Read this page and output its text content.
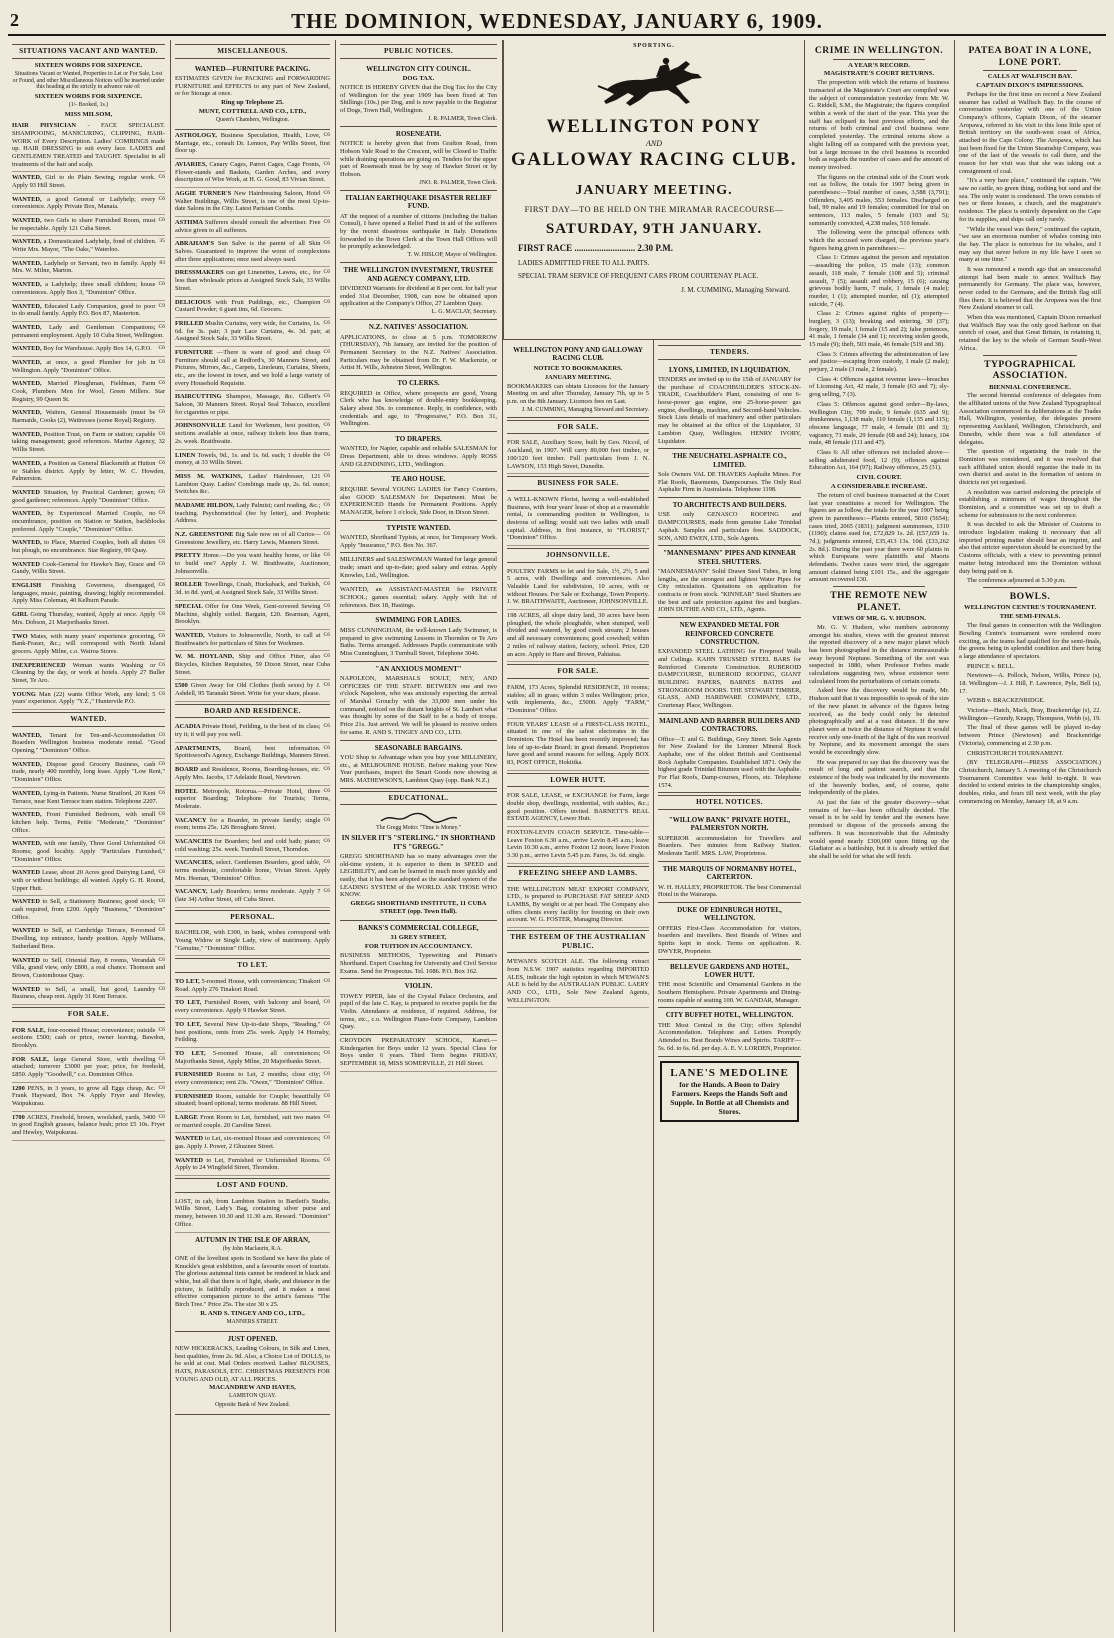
2	THE DOMINION, WEDNESDAY, JANUARY 6, 1909.
SITUATIONS VACANT AND WANTED.
SIXTEEN WORDS FOR SIXPENCE.
Situations Vacant or Wanted, Properties to Let or For Sale, Lost or Found, and other Miscellaneous Notices will be inserted under this heading at the strictly in advance rate of:
SIXTEEN WORDS FOR SIXPENCE.
(1/- Booked, 1s.)
MISS MILSOM,
HAIR PHYSICIAN - FACE SPECIALIST. SHAMPOOING, MANICURING, CLIPPING, HAIR-WORK of Every Description. Ladies' COMBINGS made up. HAIR DRESSING to suit every face. LADIES and GENTLEMEN TREATED and TAUGHT. Specialist in all treatments of the hair and scalp.
C6
WANTED, Girl to do Plain Sewing, regular work. Apply 93 Hill Street.
C6
WANTED, a good General or Ladyhelp; every convenience. Apply Private Box, Manaia.
C6
WANTED, two Girls to share Furnished Room, must be respectable. Apply 121 Cuba Street.
35
WANTED, a Domesticated Ladyhelp, fond of children. Write Mrs. Mayor, "The Oaks," Waterloo.
83
WANTED, Ladyhelp or Servant, two in family. Apply Mrs. W. Milne, Marton.
C6
WANTED, a Ladyhelp; three small children; house conveniences. Apply Box 3, "Dominion" Office.
C9
WANTED, Educated Lady Companion, good to poor to do small family. Apply P.O. Box 87, Masterton.
C6
WANTED, Lady and Gentleman Companions; permanent employment. Apply 10 Cuba Street, Wellington.
C6
WANTED, Boy for Warehouse. Apply Box 14, G.P.O.
C6
WANTED, at once, a good Plumber for job in Wellington. Apply "Dominion" Office.
C6
WANTED, Married Ploughman, Fieldman, Farm Cook, Plumbers Men for Wool, Green Millers. Star Registry, 99 Queen St.
C6
WANTED, Waiters, General Housemaids (must be Barmaids, Cooks (2), Waitresses (some Royal) Registry.
C6
WANTED, Position Trust, on Farm or station; capable taking management; good references. Marine Agency, 32 Willis Street.
C6
WANTED, a Position as General Blacksmith at Hutton or Stables district. Apply by letter, W. C. Howden, Palmerston.
C6
WANTED Situation, by Practical Gardener; grown; good gardener; references. Apply "Dominion" Office.
C6
WANTED, by Experienced Married Couple, no encumbrance, position on Station or Station, backblocks preferred. Apply "Couple," "Dominion" Office.
C6
WANTED, to Place, Married Couples, both all duties but plough, no encumbrance. Star Registry, 99 Quay.
C6
WANTED Cook-General for Hawke's Bay, Grace and Gandy, Willis Street.
C6
ENGLISH Finishing Governess, disengaged, languages, music, painting, drawing; highly recommended. Apply Miss Coleman, 40 Kelburn Parade.
C6
GIRL Going Thursday, wanted, Apply at once. Apply Mrs. Dobson, 21 Marjoribanks Street.
C6
TWO Mates, with many years' experience grocering, Bank-Fraser, &c.; will correspond with North Island grocers. Apply Milne, c.o. Wairoa Stores.
C6
INEXPERIENCED Woman wants Washing or Cleaning by the day, or work at hotels. Apply 27 Buller Street, Te Aro.
C6
YOUNG Man (22) wants Office Work, any kind; 5 years' experience. Apply "Y.Z.," Huntervile P.O.
WANTED.
C6
WANTED, Tenant for Ten-and-Accommodation Boarders Wellington business moderate rental. "Good Opening," "Dominion" Office.
C6
WANTED, Dispose good Grocery Business, cash trade, nearly 400 monthly, long lease. Apply "Low Rent," "Dominion" Office.
C6
WANTED, Lying-in Patients. Nurse Stratford, 20 Kent Terrace, near Kent Terrace tram station. Telephone 2207.
C6
WANTED, Front Furnished Bedroom, with small kitchen help. Terms, Pettie "Moderate," "Dominion" Office.
C6
WANTED, with one family, Three Good Unfurnished Rooms; good locality. Apply "Particulars Furnished," "Dominion" Office.
C6
WANTED Lease, about 20 Acres good Dairying Land, with or without buildings; all wanted. Apply G. H. Round, Upper Hutt.
C6
WANTED to Sell, a Stationery Business; good stock; cash required, from £200. Apply "Business," "Dominion" Office.
C6
WANTED to Sell, at Cambridge Terrace, 8-roomed Dwelling, top entrance, handy position. Apply Williams, Sutherland Bros.
C6
WANTED to Sell, Oriental Bay, 8 rooms, Verandah Villa, grand view, only £800, a real chance. Thomson and Brown, Customhouse Quay.
C6
WANTED to Sell, a small, but good, Laundry Business, cheap rent. Apply 31 Kent Terrace.
FOR SALE.
C6
FOR SALE, four-roomed House; convenience; outside sections £500; cash or price, owner leaving. Bawdon, Brooklyn.
C6
FOR SALE, large General Store, with dwelling attached; turnover £3000 per year; price, for freehold, £850. Apply "Goodwill," c.o. Dominion Office.
C6
1200 PENS, in 3 years, to grow all Eggs cheap, &c. Frank Hayward, Box 74. Apply Fryer and Hewley, Waipukurau.
C6
1700 ACRES, Freehold, brown, woolshed, yards, 3400 in good English grasses, balance bush; price £5 10s. Fryer and Hewley, Waipukurau.
MISCELLANEOUS.
WANTED—FURNITURE PACKING.
ESTIMATES GIVEN for PACKING and FORWARDING FURNITURE and EFFECTS to any part of New Zealand, or for Storage at once.
Ring up Telephone 25.
MUNT, COTTRELL AND CO., LTD.,
Queen's Chambers, Wellington.
C6
ASTROLOGY, Business Speculation, Health, Love, Marriage, etc., consult Dr. Lennox, Pay Willis Street, first floor up.
C6
AVIARIES, Canary Cages, Parrot Cages, Cage Fronts, Flower-stands and Baskets, Garden Arches, and every description of Wire Work, at H. G. Good, 83 Vivian Street.
C6
AGGIE TURNER'S New Hairdressing Saloon, Hotel Walter Buildings, Willis Street, is one of the most Up-to-date Salons in the City. Latest Parisian Combs.
C6
ASTHMA Sufferers should consult the advertiser. Free advice given to all sufferers.
C6
ABRAHAM'S Sun Salve is the parent of all Skin Salves. Guaranteed to improve the worst of complexions after three applications; once used always used.
C6
DRESSMAKERS can get Linenettes, Lawns, etc., for less than wholesale prices at Assigned Stock Sale, 33 Willis Street.
C6
DELICIOUS with Fruit Puddings, etc., Champion Custard Powder; 6 giant tins, 6d. Grocers.
C6
FRILLED Muslin Curtains, very wide, for Curtains, 1s. 6d. for 3s. pair; 3 pair Lace Curtains, 4s. 3d. pair, at Assigned Stock Sale, 33 Willis Street.
C6
FURNITURE —There is want of good and cheap Furniture should call at Redford's, 30 Manners Street, and Pictures, Mirrors, &c., Carpets, Linoleum, Curtains, Sheets, etc., are the lowest in town, and we hold a large variety of every Household Requisite.
C6
HAIRCUTTING Shampoo, Massage, &c. Gilbert's Saloon, 30 Manners Street. Royal Seal Tobacco, excellent for cigarettes or pipe.
C6
JOHNSONVILLE Land for Workmen, best position, sections available at once, railway tickets less than trams, 2s. week. Braithwaite.
C6
LINEN Towels, 9d., 1s. and 1s. 6d. each; 1 double the money, at 33 Willis Street.
C6
MISS M. WATKINS, Ladies' Hairdresser, 121 Lambton Quay. Ladies' Combings made up, 2s. 6d. ounce; Switches &c.
C6
MADAME HILDON, Lady Palmist; card reading, &c.; teaching. Psychometrical (fee by letter), and Prophetic Address.
C6
N.Z. GREENSTONE Big Sale now on of all Curios—Greenstone Jewellery, etc. Harry Lewis, Manners Street.
C6
PRETTY Home.—Do you want healthy home, or like to build one? Apply J. W. Braithwaite, Auctioneer, Johnsonville.
C6
ROLLER Towellings, Crash, Huckaback, and Turkish, 3d. to 8d. yard, at Assigned Stock Sale, 33 Willis Street.
C6
SPECIAL Offer for One Week, Gent-covered Sewing Machine, slightly soiled. Bargain, £20. Bearman, Agent, Brooklyn.
C6
WANTED, Visitors to Johnsonville, North, to call at Braithwaite's for particulars of Sites for Workmen.
C6
W. M. HOYLAND, Ship and Office Fitter, also Bicycles, Kitchen Requisites, 59 Dixon Street, near Cuba Street.
C6
£500 Given Away for Old Clothes (both sexes) by J. Ashdell, 95 Taranaki Street. Write for your share, please.
BOARD AND RESIDENCE.
C6
ACADIA Private Hotel, Feilding, is the best of its class; try it; it will pay you well.
C6
APARTMENTS, Board, best information. Spottiswood's Agency, Exchange Buildings, Manners Street.
C6
BOARD and Residence, Rooms, Boarding-houses, etc. Apply Mrs. Jacobs, 17 Adelaide Road, Newtown.
C6
HOTEL Metropole, Rotorua.—Private Hotel, three superior Boarding; Telephone for Tourists; Terms, Moderate.
C6
VACANCY for a Boarder, in private family; single room; terms 25s. 126 Brougham Street.
C6
VACANCIES for Boarders; bed and cold bath; piano; cold washing; 25s. week. Turnbull Street, Thorndon.
C6
VACANCIES, select. Gentlemen Boarders, good table, terms moderate, comfortable home, Vivian Street. Apply Mrs. Heenan, "Dominion" Office.
C6
VACANCY, Lady Boarders; terms moderate. Apply 7 (late 34) Arthur Street, off Cuba Street.
PERSONAL.
BACHELOR, with £300, in bank, wishes correspond with Young Widow or Single Lady, view of matrimony. Apply "Genuine," "Dominion" Office.
TO LET.
C6
TO LET, 5-roomed House, with conveniences; Tinakori Road. Apply 276 Tinakori Road.
C6
TO LET, Furnished Room, with balcony and board, every convenience. Apply 9 Hawker Street.
C6
TO LET, Several New Up-to-date Shops, "Reading," best positions, rents from 25s. week. Apply 14 Hornsby, Feilding.
C6
TO LET, 5-roomed House, all conveniences; Majoribanks Street, Apply Milne, 20 Majoribanks Street.
C6
FURNISHED Rooms to Let, 2 months; close city; every convenience; rent 23s. "Owen," "Dominion" Office.
C6
FURNISHED Room, suitable for Couple; beautifully situated; board optional; terms moderate. 88 Hill Street.
C6
LARGE Front Room to Let, furnished, suit two mates or married couple. 20 Caroline Street.
C6
WANTED to Let, six-roomed House and conveniences; gas. Apply J. Power, 2 Ghuznee Street.
C6
WANTED to Let, Furnished or Unfurnished Rooms. Apply to 24 Wingfield Street, Thorndon.
LOST AND FOUND.
LOST, in cab, from Lambton Station to Bartlett's Studio, Willis Street, Lady's Bag, containing silver purse and money, between 10.30 and 11.30 a.m. Reward. "Dominion" Office.
AUTUMN IN THE ISLE OF ARRAN,
(by John Maclaurin, R.A.
ONE of the loveliest spots in Scotland we have the plate of Knuckle's great exhibition, and a favourite resort of tourists. The glorious autumnal tints cannot be rendered in black and white, but all that there is of light, shade, and distance in the picture, is faithfully reproduced, and it makes a most effective companion picture to the artist's famous "The Birch Tree." Price 25s. The size 30 x 25.
R. AND S. TINGEY AND CO., LTD.,
MANNERS STREET.
JUST OPENED.
NEW HICKERACKS, Leading Colours, in Silk and Linen, best qualities, from 2s. 9d. Also, a Choice Lot of DOLLS, to be sold at cost. Mail Orders received. Ladies' BLOUSES, HATS, PARASOLS, ETC. CHRISTMAS PRESENTS FOR YOUNG AND OLD, AT ALL PRICES.
MACANDREW AND HAYES,
LAMBTON QUAY.
Opposite Bank of New Zealand.
PUBLIC NOTICES.
WELLINGTON CITY COUNCIL.
DOG TAX.
NOTICE IS HEREBY GIVEN that the Dog Tax for the City of Wellington for the year 1909 has been fixed at Ten Shillings (10s.) per Dog, and is now payable to the Registrar of Dogs, Town Hall, Wellington.
J. R. PALMER, Town Clerk.
ROSENEATH.
NOTICE is hereby given that from Grafton Road, from Hobson Vale Road to the Crescent, will be Closed to Traffic while draining operations are going on. Tenders for the upper part of Roseneath must be by way of Hawker Street or by Hobson.
JNO. R. PALMER, Town Clerk.
ITALIAN EARTHQUAKE DISASTER RELIEF FUND.
AT the request of a number of citizens (including the Italian Consul), I have opened a Relief Fund in aid of the sufferers by the recent disastrous earthquake in Italy. Donations forwarded to the Town Clerk at the Town Hall Offices will be promptly acknowledged.
T. W. HISLOP, Mayor of Wellington.
THE WELLINGTON INVESTMENT, TRUSTEE AND AGENCY COMPANY, LTD.
DIVIDEND Warrants for dividend at 8 per cent. for half year ended 31st December, 1908, can now be obtained upon application at the Company's Office, 27 Lambton Quay.
L. G. MACLAY, Secretary.
N.Z. NATIVES' ASSOCIATION.
APPLICATIONS, to close at 5 p.m. TOMORROW (THURSDAY), 7th January, are invited for the position of Permanent Secretary to the N.Z. Natives' Association. Particulars may be obtained from Dr. F. W. Mackenzie, or Artist H. Wills, Johnston Street, Wellington.
TO CLERKS.
REQUIRED in Office, where prospects are good, Young Clerk who has knowledge of double-entry bookkeeping. Salary about 30s. to commence. Reply, in confidence, with credentials and age, to "Progressive," P.O. Box 31, Wellington.
TO DRAPERS.
WANTED, for Napier, capable and reliable SALESMAN for Dress Department, able to dress windows. Apply ROSS AND GLENDINING, LTD., Wellington.
TE ARO HOUSE.
REQUIRE Several YOUNG LADIES for Fancy Counters, also GOOD SALESMAN for Department. Must be EXPERIENCED Hands for Permanent Positions. Apply MANAGER, before 1 o'clock, Side Door, in Dixon Street.
TYPISTE WANTED.
WANTED, Shorthand Typists, at once, for Temporary Work. Apply "Insurance," P.O. Box No. 367.
MILLINERS and SALESWOMAN Wanted for large general trade; smart and up-to-date; good salary and extras. Apply Knowles, Ltd., Wellington.
WANTED, an ASSISTANT-MASTER for PRIVATE SCHOOL; games essential; salary. Apply with list of references. Box 18, Hastings.
SWIMMING FOR LADIES.
MISS CUNNINGHAM, the well-known Lady Swimmer, is prepared to give swimming Lessons in Thorndon or Te Aro Baths. Terms arranged. Addresses Pupils communicate with Miss Cunningham, 3 Turnbull Street, Telephone 3046.
"AN ANXIOUS MOMENT"
NAPOLEON, MARSHALS SOULT, NEY, AND OFFICERS OF THE STAFF. BETWEEN one and two o'clock Napoleon, who was anxiously expecting the arrival of Marshal Grouchy with the 33,000 men under his command, noticed on the distant heights of St. Lambert what was thought by some of the Staff to be a body of troops. Price 21s. Just arrived. We will be pleased to receive orders for same. R. AND S. TINGEY AND CO., LTD.
SEASONABLE BARGAINS.
YOU Shop to Advantage when you buy your MILLINERY, etc., at MELBOURNE HOUSE. Before making your New Year purchases, inspect the Smart Goods now showing at MRS. MATHEWSON'S, Lambton Quay (opp. Bank N.Z.)
EDUCATIONAL.
The Gregg Motto: "Time is Money."
IN SILVER IT'S "STERLING." IN SHORTHAND IT'S "GREGG."
GREGG SHORTHAND has so many advantages over the old-time system, it is superior to them in SPEED and LEGIBILITY, and can be learned in much more quickly and easily, that it has been adopted as the standard system of the LEADING SYSTEM of the WORLD. ASK THOSE WHO KNOW.
GREGG SHORTHAND INSTITUTE, 11 CUBA STREET (opp. Town Hall).
BANKS'S COMMERCIAL COLLEGE,
31 GREY STREET,
FOR TUITION IN ACCOUNTANCY.
BUSINESS METHODS, Typewriting and Pitman's Shorthand. Expert Coaching for University and Civil Service Exams. Send for Prospectus. Tel. 1086. P.O. Box 162.
VIOLIN.
TOWEY PIPER, late of the Crystal Palace Orchestra, and pupil of the late C. Kay, is prepared to receive pupils for the Violin. Attendance at residence, if required. Address, for terms, etc., c.o. Wellington Piano-forte Company, Lambton Quay.
CROYDON PREPARATORY SCHOOL, Karori.—Kindergarten for Boys under 12 years. Special Class for Boys under 6 years. Third Term begins FRIDAY, SEPTEMBER 18, MISS SOMERVILLE, 21 Hill Street.
SPORTING.
WELLINGTON PONY
AND
GALLOWAY RACING CLUB.
JANUARY MEETING.
FIRST DAY—TO BE HELD ON THE MIRAMAR RACECOURSE—
SATURDAY, 9TH JANUARY.
FIRST RACE ........................... 2.30 P.M.
LADIES ADMITTED FREE TO ALL PARTS.
SPECIAL TRAM SERVICE OF FREQUENT CARS FROM COURTENAY PLACE.
J. M. CUMMING, Managing Steward.
WELLINGTON PONY AND GALLOWAY RACING CLUB.
NOTICE TO BOOKMAKERS.
JANUARY MEETING.
BOOKMAKERS can obtain Licences for the January Meeting on and after Thursday, January 7th, up to 5 p.m. on the 8th January. Licences fees on Last.
J. M. CUMMING, Managing Steward and Secretary.
FOR SALE.
FOR SALE, Auxiliary Scow, built by Geo. Niccol, of Auckland, in 1907. Will carry 80,000 feet timber, or 100/120 feet timber. Full particulars from J. N. LAWSON, 153 High Street, Dunedin.
BUSINESS FOR SALE.
A WELL-KNOWN Florist, having a well-established Business, with four years' lease of shop at a reasonable rental, is commanding position in Wellington, is desirous of selling; would suit two ladies with small capital. Address, in first instance, to "FLORIST," "Dominion" Office.
JOHNSONVILLE.
POULTRY FARMS to let and for Sale, 1½, 2½, 5 and 5 acres, with Dwellings and conveniences. Also Valuable Land for subdivision, 10 acres, with or without Houses. For Sale or Exchange, Town Property. J. W. BRAITHWAITE, Auctioneer, JOHNSONVILLE.
198 ACRES, all slope dairy land, 30 acres have been ploughed, the whole ploughable, when stumped, well divided and watered, by good creek stream; 2 houses and all necessary conveniences; good cowshed; within 2 miles of railway station, factory, school. Price, £20 an acre. Apply to Hare and Brown, Pahiatua.
FOR SALE.
FARM, 173 Acres, Splendid RESIDENCE, 10 rooms; stables; all in grass; within 3 miles Wellington; price, with implements, &c., £5000. Apply "FARM," "Dominion" Office.
FOUR YEARS' LEASE of a FIRST-CLASS HOTEL, situated in one of the safest electorates in the Dominion. The Hotel has been recently improved; has lots of up-to-date Board; in great demand. Proprietors have good and sound reasons for selling. Apply BOX 83, POST OFFICE, Hokitika.
LOWER HUTT.
FOR SALE, LEASE, or EXCHANGE for Farm, large double shop, dwellings, residential, with stables, &c.; good position. Offers invited. BARNETT'S REAL ESTATE AGENCY, Lower Hutt.
FOXTON-LEVIN COACH SERVICE. Time-table—Leave Foxton 6.30 a.m., arrive Levin 8.45 a.m.; leave Levin 10.30 a.m., arrive Foxton 12 noon; leave Foxton 3.30 p.m., arrive Levin 5.45 p.m. Fares, 3s. 6d. single.
FREEZING SHEEP AND LAMBS.
THE WELLINGTON MEAT EXPORT COMPANY, LTD., is prepared to PURCHASE FAT SHEEP AND LAMBS, By weight or at per head. The Company also offers clients every facility for freezing on their own account. W. G. FOSTER, Managing Director.
THE ESTEEM OF THE AUSTRALIAN PUBLIC.
M'EWAN'S SCOTCH ALE. The following extract from N.S.W. 1907 statistics regarding IMPORTED ALES, indicate the high opinion in which M'EWAN'S ALE is held by the AUSTRALIAN PUBLIC. LAERY AND CO., LTD., Sole New Zealand Agents, WELLINGTON.
TENDERS.
LYONS, LIMITED, IN LIQUIDATION.
TENDERS are invited up to the 15th of JANUARY for the purchase of COACHBUILDER'S STOCK-IN-TRADE, Coachbuilder's Plant, consisting of one 6-horse-power gas engine, one 25-horse-power gas engine, dwellings, machine, and Second-hand Vehicles. Stock Lists details of machinery and other particulars may be obtained at the office of the Liquidator, 31 Lambton Quay, Wellington. HENRY IVORY, Liquidator.
THE NEUCHATEL ASPHALTE CO., LIMITED.
Sole Owners VAL DE TRAVERS Asphalte Mines. For Flat Roofs, Basements, Dampcourses. The Only Real Asphalte Firm in Australasia. Telephone 1198.
TO ARCHITECTS AND BUILDERS.
USE only GENASCO ROOFING and DAMPCOURSES, made from genuine Lake Trinidad Asphalt. Samples and particulars free. SADDOCK, SON, AND EWEN, LTD., Sole Agents.
"MANNESMANN" PIPES AND KINNEAR STEEL SHUTTERS.
"MANNESMANN" Solid Drawn Steel Tubes, in long lengths, are the strongest and lightest Water Pipes for City reticulation. Quotations on application for contracts or from stock. "KINNEAR" Steel Shutters are the best and safe protection against fire and burglars. JOHN DUTHIE AND CO., LTD., Agents.
NEW EXPANDED METAL FOR REINFORCED CONCRETE CONSTRUCTION.
EXPANDED STEEL LATHING for Fireproof Walls and Ceilings. KAHN TRUSSED STEEL BARS for Reinforced Concrete Construction. RUBEROID DAMPCOURSE, RUBEROID ROOFING, GIANT BUILDING PAPERS, BARNES BATHS and STRONGROOM DOORS. THE STEWART TIMBER, GLASS, AND HARDWARE COMPANY, LTD., Courtenay Place, Wellington.
MAINLAND AND BARBER BUILDERS AND CONTRACTORS.
Office—T. and G. Buildings, Grey Street. Sole Agents for New Zealand for the Limmer Mineral Rock Asphalte, one of the oldest British and Continental Rock Asphalte Companies. Established 1871. Only the highest grade Trinidad Bitumen used with the Asphalte. For Flat Roofs, Damp-courses, Floors, etc. Telephone 1574.
HOTEL NOTICES.
"WILLOW BANK" PRIVATE HOTEL, PALMERSTON NORTH.
SUPERIOR accommodation for Travellers and Boarders. Two minutes from Railway Station. Moderate Tariff. MRS. LAW, Proprietress.
THE MARQUIS OF NORMANBY HOTEL, CARTERTON.
W. H. HALLEY, PROPRIETOR. The best Commercial Hotel in the Wairarapa.
DUKE OF EDINBURGH HOTEL, WELLINGTON.
OFFERS First-Class Accommodation for visitors, boarders and travellers. Best Brands of Wines and Spirits kept in stock. Terms on application. R. DWYER, Proprietor.
BELLEVUE GARDENS AND HOTEL, LOWER HUTT.
THE most Scientific and Ornamental Gardens in the Southern Hemisphere. Private Apartments and Dining-rooms capable of seating 100. W. GANDAR, Manager.
CITY BUFFET HOTEL, WELLINGTON.
THE Most Central in the City; offers Splendid Accommodation. Telephone and Letters Promptly Attended to. Best Brands Wines and Spirits. TARIFF—5s. 6d. to 6s. 6d. per day. A. E. V. LORDEN, Proprietor.
LANE'S MEDOLINE
for the Hands. A Boon to Dairy Farmers. Keeps the Hands Soft and Supple. In Bottle at all Chemists and Stores.
CRIME IN WELLINGTON.
A YEAR'S RECORD.
MAGISTRATE'S COURT RETURNS.
The proportion with which the returns of business transacted at the Magistrate's Court are compiled was the subject of commendation yesterday from Mr. W. G. Riddell, S.M., the Magistrate; the figures compiled within a week of the start of the year. This year the staff has eclipsed its best previous efforts, and the returns of both criminal and civil business were completed yesterday. The criminal returns show a slight falling off as compared with the previous year, but a large increase in the civil business is recorded both as regards the number of cases and the amount of money involved.
The figures on the criminal side of the Court work out as follow, the totals for 1907 being given in parentheses:—Total number of cases, 3,588 (3,791); Offenders, 3,405 males, 553 females. Discharged on bail, 99 males and 19 females; committed for trial on sentences, 113 males, 5 female (103 and 5); summarily convicted, 4,238 males, 510 female.
The following were the principal offences with which the accused were charged, the previous year's figures being given in parentheses:—
Class 1: Crimes against the person and reputation—assaulting the police, 15 male (13); common assault, 118 male, 7 female (108 and 5); criminal assault, 7 (5); assault and robbery, 15 (6); causing grievous bodily harm, 7 male, 1 female (4 male); murder, 1 (1); attempted murder, nil (1); attempted suicide, 7 (4).
Class 2: Crimes against rights of property—burglary, 3 (13); breaking and entering, 30 (37); forgery, 19 male, 1 female (15 and 2); false pretences, 41 male, 1 female (34 and 1); receiving stolen goods, 15 male (9); theft, 503 male, 46 female (519 and 38).
Class 3: Crimes affecting the administration of law and justice—escaping from custody, 1 male (2 male); perjury, 2 male (3 male, 2 female).
Class 4: Offences against revenue laws—breaches of Licensing Act, 42 male, 3 female (63 and 7); sly-grog selling, 7 (3).
Class 5: Offences against good order—By-laws, Wellington City, 709 male, 9 female (635 and 9); drunkenness, 1,138 male, 110 female (1,135 and 115); obscene language, 77 male, 4 female (81 and 3); vagrancy, 71 male, 29 female (68 and 24); lunacy, 104 male, 48 female (111 and 47).
Class 6: All other offences not included above—selling adulterated food, 12 (9); offences against Education Act, 164 (97); Railway offences, 25 (31).
CIVIL COURT.
A CONSIDERABLE INCREASE.
The return of civil business transacted at the Court last year constitutes a record for Wellington. The figures are as follow, the totals for the year 1907 being given in parentheses:—Plaints entered, 5810 (5654); cases tried, 2065 (1831); judgment summonses, 1310 (1190); claims sued for, £72,829 1s. 2d. (£57,659 1s. 7d.); judgments entered, £35,413 13s. 10d. (£33,262 2s. 8d.). During the past year there were 60 plaints in which Europeans were plaintiffs and Maoris defendants. Twelve cases were tried, the aggregate amount claimed being £101 15s., and the aggregate amount recovered £30.
THE REMOTE NEW PLANET.
VIEWS OF MR. G. V. HUDSON.
Mr. G. V. Hudson, who numbers astronomy amongst his studies, views with the greatest interest the reported discovery of a new major planet which has been photographed in the distance immeasurable away beyond Neptune. Something of the sort was suspected in 1880, when Professor Forbes made calculations suggesting two, whose existence were calculated from the perturbations of certain comets.
Asked how the discovery would be made, Mr. Hudson said that it was impossible to speak of the size of the new planet in advance of the figures being received, as the body could only be detected photographically and at a vast distance. If the new planet were at twice the distance of Neptune it would receive only one-fourth of the light of the sun received by Neptune, and its movement amongst the stars would be exceedingly slow.
He was prepared to say that the discovery was the result of long and patient search, and that the existence of the body was indicated by the movements of the heavenly bodies, and, of course, quite independently of the plates.
At just the fate of the greater discovery—what remains of her—has been officially decided. The vessel is to be sold by tender and the owners have promised to dispose of the proceeds among the sufferers. It was inconceivable that the Admiralty would spend nearly £300,000 upon fitting up the Gladiator as a battleship, but it is already settled that she shall be sold for what she will fetch.
PATEA BOAT IN A LONE, LONE PORT.
CALLS AT WALFISCH BAY.
CAPTAIN DIXON'S IMPRESSIONS.
Perhaps for the first time on record a New Zealand steamer has called at Walfisch Bay. In the course of conversation yesterday with one of the Union Company's officers, Captain Dixon, of the steamer Aropawa, referred to his visit to this lone little spot of British territory on the south-west coast of Africa, attached to the Cape Colony. The Aropawa, which has just been fixed for the Union Steamship Company, was one of the last of the vessels to call there, and the reason for her visit was that she was taking out a consignment of coal.
"It's a very bare place," continued the captain. "We saw no cattle, no green thing, nothing but sand and the sea. The only water is condensed. The town consists of two or three houses, a church, and the magistrate's residence. The place is entirely dependent on the Cape for its supplies, and ships call only rarely.
"While the vessel was there," continued the captain, "we saw an enormous number of whales coming into the bay. The place is notorious for its whales, and I may say that never before in my life have I seen so many at one time."
It was rumoured a month ago that an unsuccessful attempt had been made to annex Walfisch Bay permanently for Germany. The place was, however, never ceded to the Germans, and the British flag still flies there. It is believed that the Aropawa was the first New Zealand steamer to call.
When this was mentioned, Captain Dixon remarked that Walfisch Bay was the only good harbour on that stretch of coast, and that Great Britain, in retaining it, retained the key to the whole of German South-West Africa.
TYPOGRAPHICAL ASSOCIATION.
BIENNIAL CONFERENCE.
The second biennial conference of delegates from the affiliated unions of the New Zealand Typographical Association commenced its deliberations at the Trades Hall, Wellington, yesterday, the delegates present representing Auckland, Wellington, Christchurch, and Dunedin, while there was a full attendance of delegates.
The question of organising the trade in the Dominion was considered, and it was resolved that each affiliated union should organise the trade in its own district and assist in the formation of unions in districts not yet organised.
A resolution was carried endorsing the principle of establishing a minimum of wages throughout the Dominion, and a committee was set up to draft a scheme for submission to the next conference.
It was decided to ask the Minister of Customs to introduce legislation making it necessary that all imported printing matter should bear an imprint, and also that stricter supervision should be exercised by the Customs officials, with a view to preventing printed matter being introduced into the Dominion without duty being paid on it.
The conference adjourned at 5.30 p.m.
BOWLS.
WELLINGTON CENTRE'S TOURNAMENT.
THE SEMI-FINALS.
The final games in connection with the Wellington Bowling Centre's tournament were rendered more exciting, as the teams had qualified for the semi-finals, the greens being in splendid condition and there being a large attendance of spectators.
PRINCE v. BELL.
Newtown—A. Pollock, Nelson, Willis, Prince (s), 18. Wellington—J. J. Hill, F. Lawrence, Pyle, Bell (s), 17.
WEBB v. BRACKENRIDGE.
Victoria—Hatch, Mack, Bray, Brackenridge (s), 22. Wellington—Grundy, Knapp, Thompson, Webb (s), 19.
The final of these games will be played to-day between Prince (Newtown) and Brackenridge (Victoria), commencing at 2.30 p.m.
CHRISTCHURCH TOURNAMENT.
(BY TELEGRAPH—PRESS ASSOCIATION.) Christchurch, January 5. A meeting of the Christchurch Tournament Committee was held to-night. It was decided to extend entries in the championship singles, doubles, rinks, and fours till next week, with the play commencing on Monday, January 18, at 9 a.m.
